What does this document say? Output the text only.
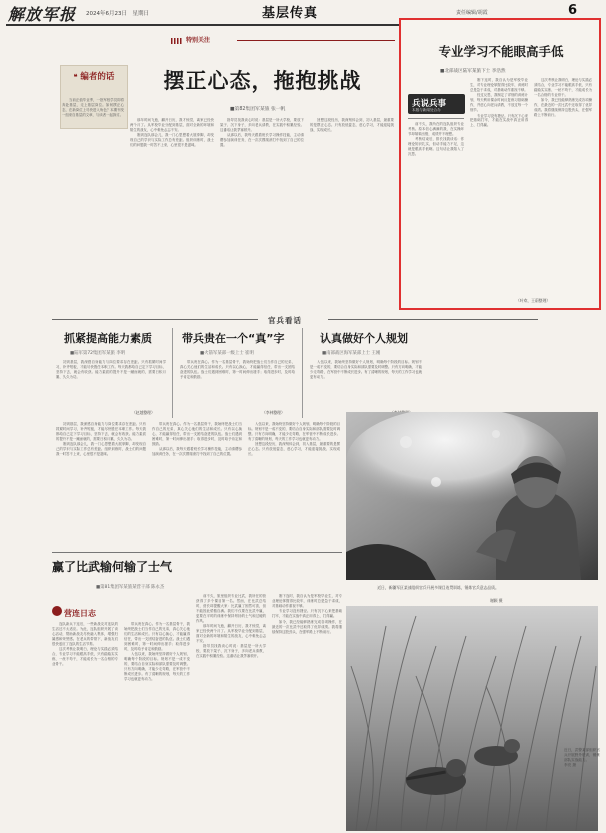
解放军报 2024年6月23日　星期日	基层传真	责任编辑/胡霞	6
特别关注
❝ 编者的话

当前正值毕业季，一批军校学员即将奔赴基层，走上基层岗位。如何摆正心态，在新岗位上尽快进入角色？本期刊发一组来自基层的文章，与读者一起探讨。

摆正心态，拖抱挑战
■第82集团军某旅 张一帆

那年时间飞逝，翻开日历，我才惊觉，离家已经快两个月了。从军校毕业分配到基层，面对全新的环境和陌生的战友，心中难免忐忑不安。

刚到连队那会儿，我一门心思想着大展拳脚，却发现自己的学识与实际工作总有差距。组织训练时，战士们的问题我一时答不上来，心里很不是滋味。

指导员找我谈心时说：基层是一所大学校，要放下架子、沉下身子，多向老兵请教，在实践中积累经验。这番话让我茅塞顿开。

从那以后，我每天跟着班长学习操作技能，主动请缨参加演训任务，在一次次摸爬滚打中找到了自己的位置。

回想这段经历，我深刻体会到，初入基层，最重要的是摆正心态。只有放低姿态，虚心学习，才能迎接挑战、实现成长。

专业学习不能眼高手低
■北部战区陆军某旅下士 李浩然
兵说兵事
本版与新闻处合办

前不久，我所在的连队组织专业考核。原本信心满满的我，在实操环节却频频出错，成绩并不理想。

考核结束后，排长找我谈话：你理论知识扎实，但动手能力不足，这就是眼高手低啊。这句话让我陷入了沉思。

刚下连时，我自认为是军校毕业生，对专业理论掌握得比较牢，训练时总是急于求成，对基础动作重视不够。

经过反思，我制定了详细的训练计划，每天利用课余时间反复练习基础操作，并虚心向老兵请教，不放过每一个细节。

专业学习没有捷径。只有沉下心来把基础打牢，才能在实战中真正用得上、打得赢。

这次考核让我明白，理论与实践必须结合，专业学习不能眼高手低，只有踏踏实实练、一丝不苟干，才能成长为一名合格的专业骨干。

如今，我已经能够熟练完成各项操作，在最近的一次比武中还取得了优异成绩。我将继续保持这股劲头，在强军路上不断前行。

（叶欢、王蔚整理）
官兵看话
抓紧提高能力素质
■陆军第72集团军某旅 李明

初到基层，我深感自身能力与岗位要求存在差距。只有抓紧时间学习，补齐短板，才能尽快胜任本职工作。每天我都给自己定下学习目标，坚持下去，就会有收获。能力素质的提升不是一蹴而就的，需要日积月累、久久为功。

（赵越整理）
带兵贵在一个“真”字
■火箭军某部一级上士 崔明

带兵贵在真心。作为一名基层骨干，我始终把战士们当作自己的兄弟，真心关心他们的生活和成长。只有以心换心，才能赢得信任，带出一支团结奋进的队伍。战士们遇到困难时，第一时间伸出援手；取得进步时，及时给予肯定和鼓励。

（李林整理）
认真做好个人规划
■南部战区海军某部上士 王刚

入伍以来，我始终坚持做好个人规划，明确每个阶段的目标。规划不是一成不变的，要结合自身实际和部队需要及时调整。只有方向明确，才能少走弯路，在军营中不断成长进步。有了清晰的规划，每天的工作学习也就更有动力。

初到基层，我深感自身能力与岗位要求存在差距。只有抓紧时间学习，补齐短板，才能尽快胜任本职工作。每天我都给自己定下学习目标，坚持下去，就会有收获。能力素质的提升不是一蹴而就的，需要日积月累、久久为功。

刚到连队那会儿，我一门心思想着大展拳脚，却发现自己的学识与实际工作总有差距。组织训练时，战士们的问题我一时答不上来，心里很不是滋味。

带兵贵在真心。作为一名基层骨干，我始终把战士们当作自己的兄弟，真心关心他们的生活和成长。只有以心换心，才能赢得信任，带出一支团结奋进的队伍。战士们遇到困难时，第一时间伸出援手；取得进步时，及时给予肯定和鼓励。

从那以后，我每天跟着班长学习操作技能，主动请缨参加演训任务，在一次次摸爬滚打中找到了自己的位置。

入伍以来，我始终坚持做好个人规划，明确每个阶段的目标。规划不是一成不变的，要结合自身实际和部队需要及时调整。只有方向明确，才能少走弯路，在军营中不断成长进步。有了清晰的规划，每天的工作学习也就更有动力。

回想这段经历，我深刻体会到，初入基层，最重要的是摆正心态。只有放低姿态，虚心学习，才能迎接挑战、实现成长。

赢了比武输何输了士气
■第81集团军某旅某营干部 陈永杰

前不久，旅里组织专业比武，我所在的营获得了多个课目第一名。然而，在比武总结时，营长却提醒大家：比武赢了固然可喜，但不能因此骄傲自满。我们不仅要在比武中赢，更要在平时的训练中保持昂扬的士气和过硬的作风。

那年时间飞逝，翻开日历，我才惊觉，离家已经快两个月了。从军校毕业分配到基层，面对全新的环境和陌生的战友，心中难免忐忑不安。

指导员找我谈心时说：基层是一所大学校，要放下架子、沉下身子，多向老兵请教，在实践中积累经验。这番话让我茅塞顿开。

刚下连时，我自认为是军校毕业生，对专业理论掌握得比较牢，训练时总是急于求成，对基础动作重视不够。

专业学习没有捷径。只有沉下心来把基础打牢，才能在实战中真正用得上、打得赢。

如今，我已经能够熟练完成各项操作，在最近的一次比武中还取得了优异成绩。我将继续保持这股劲头，在强军路上不断前行。

近日，新疆军区某部组织官兵开展多课目连贯训练，锤炼官兵意志品质。
谢颖 摄
营连日志

连队新兵下连后，一些新战友对连队的生活还不太适应。为此，连队组织开展了谈心活动，帮助新战友尽快融入集体，增强归属感和荣誉感。在老兵的带领下，新战友们很快适应了连队的生活节奏。

这次考核让我明白，理论与实践必须结合，专业学习不能眼高手低，只有踏踏实实练、一丝不苟干，才能成长为一名合格的专业骨干。

带兵贵在真心。作为一名基层骨干，我始终把战士们当作自己的兄弟，真心关心他们的生活和成长。只有以心换心，才能赢得信任，带出一支团结奋进的队伍。战士们遇到困难时，第一时间伸出援手；取得进步时，及时给予肯定和鼓励。

入伍以来，我始终坚持做好个人规划，明确每个阶段的目标。规划不是一成不变的，要结合自身实际和部队需要及时调整。只有方向明确，才能少走弯路，在军营中不断成长进步。有了清晰的规划，每天的工作学习也就更有动力。

近日，武警某部组织官兵开展野外驻训，锤炼部队实战能力。
李亮 摄
